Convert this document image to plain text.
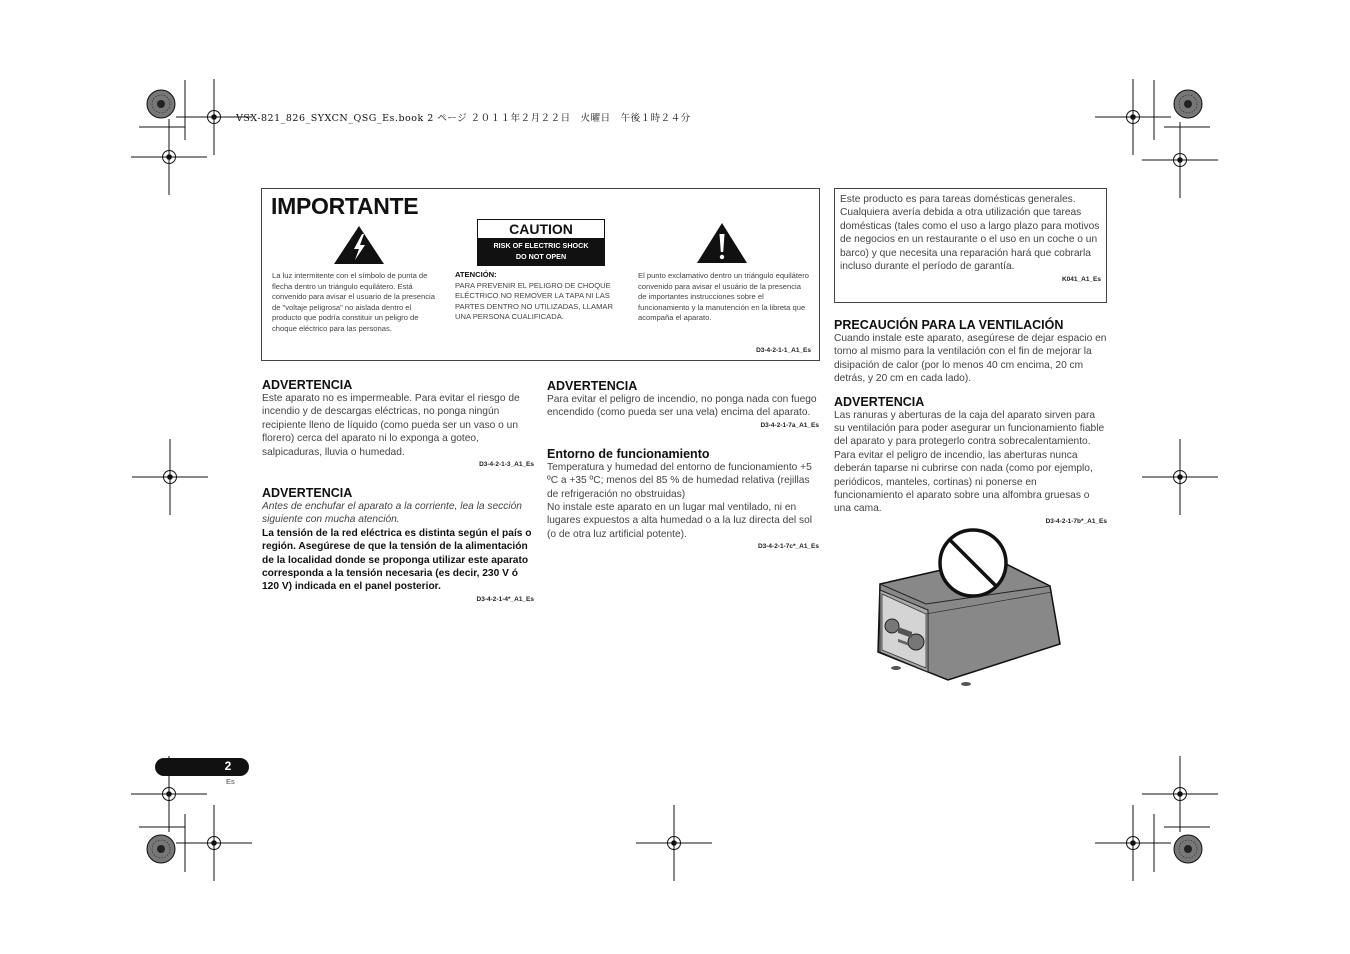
VSX-821_826_SYXCN_QSG_Es.book 2 ページ ２０１１年２月２２日　火曜日　午後１時２４分
IMPORTANTE
CAUTION
RISK OF ELECTRIC SHOCK
DO NOT OPEN
La luz intermitente con el símbolo de punta de flecha dentro un triángulo equilátero. Está convenido para avisar el usuario de la presencia de "voltaje peligrosa" no aislada dentro el producto que podría constituir un peligro de choque eléctrico para las personas.
ATENCIÓN:
PARA PREVENIR EL PELIGRO DE CHOQUE ELÉCTRICO NO REMOVER LA TAPA NI LAS PARTES DENTRO NO UTILIZADAS, LLAMAR UNA PERSONA CUALIFICADA.
El punto exclamativo dentro un triángulo equilátero convenido para avisar el usuário de la presencia de importantes instrucciones sobre el funcionamiento y la manutención en la libreta que acompaña el aparato.
D3-4-2-1-1_A1_Es
ADVERTENCIA

Este aparato no es impermeable. Para evitar el riesgo de incendio y de descargas eléctricas, no ponga ningún recipiente lleno de líquido (como pueda ser un vaso o un florero) cerca del aparato ni lo exponga a goteo, salpicaduras, lluvia o humedad.

D3-4-2-1-3_A1_Es
ADVERTENCIA

Antes de enchufar el aparato a la corriente, lea la sección siguiente con mucha atención.

La tensión de la red eléctrica es distinta según el país o región. Asegúrese de que la tensión de la alimentación de la localidad donde se proponga utilizar este aparato corresponda a la tensión necesaria (es decir, 230 V ó 120 V) indicada en el panel posterior.

D3-4-2-1-4*_A1_Es
ADVERTENCIA

Para evitar el peligro de incendio, no ponga nada con fuego encendido (como pueda ser una vela) encima del aparato.

D3-4-2-1-7a_A1_Es
Entorno de funcionamiento

Temperatura y humedad del entorno de funcionamiento +5 ºC a +35 ºC; menos del 85 % de humedad relativa (rejillas de refrigeración no obstruidas)

No instale este aparato en un lugar mal ventilado, ni en lugares expuestos a alta humedad o a la luz directa del sol (o de otra luz artificial potente).

D3-4-2-1-7c*_A1_Es

Este producto es para tareas domésticas generales. Cualquiera avería debida a otra utilización que tareas domésticas (tales como el uso a largo plazo para motivos de negocios en un restaurante o el uso en un coche o un barco) y que necesita una reparación hará que cobrarla incluso durante el período de garantía.

K041_A1_Es
PRECAUCIÓN PARA LA VENTILACIÓN

Cuando instale este aparato, asegúrese de dejar espacio en torno al mismo para la ventilación con el fin de mejorar la disipación de calor (por lo menos 40 cm encima, 20 cm detrás, y 20 cm en cada lado).

ADVERTENCIA

Las ranuras y aberturas de la caja del aparato sirven para su ventilación para poder asegurar un funcionamiento fiable del aparato y para protegerlo contra sobrecalentamiento. Para evitar el peligro de incendio, las aberturas nunca deberán taparse ni cubrirse con nada (como por ejemplo, periódicos, manteles, cortinas) ni ponerse en funcionamiento el aparato sobre una alfombra gruesas o una cama.

D3-4-2-1-7b*_A1_Es
2
Es
